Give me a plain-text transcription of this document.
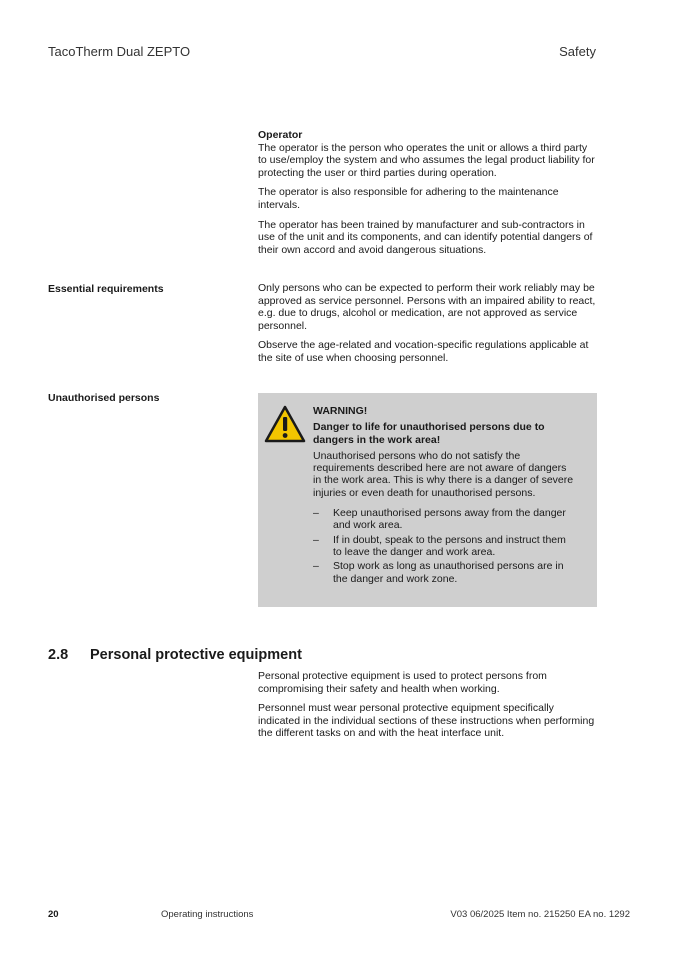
TacoTherm Dual ZEPTO	Safety

Operator

The operator is the person who operates the unit or allows a third party to use/employ the system and who assumes the legal product liability for protecting the user or third parties during operation.

The operator is also responsible for adhering to the maintenance intervals.

The operator has been trained by manufacturer and sub-contractors in use of the unit and its components, and can identify potential dangers of their own accord and avoid dangerous situations.

Essential requirements	Only persons who can be expected to perform their work reliably may be approved as service personnel. Persons with an impaired ability to react, e.g. due to drugs, alcohol or medication, are not approved as service personnel.

Observe the age-related and vocation-specific regulations applicable at the site of use when choosing personnel.

Unauthorised persons

WARNING!

Danger to life for unauthorised persons due to dangers in the work area!

Unauthorised persons who do not satisfy the requirements described here are not aware of dangers in the work area. This is why there is a danger of severe injuries or even death for unauthorised persons.

– Keep unauthorised persons away from the danger and work area.
– If in doubt, speak to the persons and instruct them to leave the danger and work area.
– Stop work as long as unauthorised persons are in the danger and work zone.
2.8 Personal protective equipment

Personal protective equipment is used to protect persons from compromising their safety and health when working.

Personnel must wear personal protective equipment specifically indicated in the individual sections of these instructions when performing the different tasks on and with the heat interface unit.

20	Operating instructions	V03 06/2025 Item no. 215250 EA no. 1292
